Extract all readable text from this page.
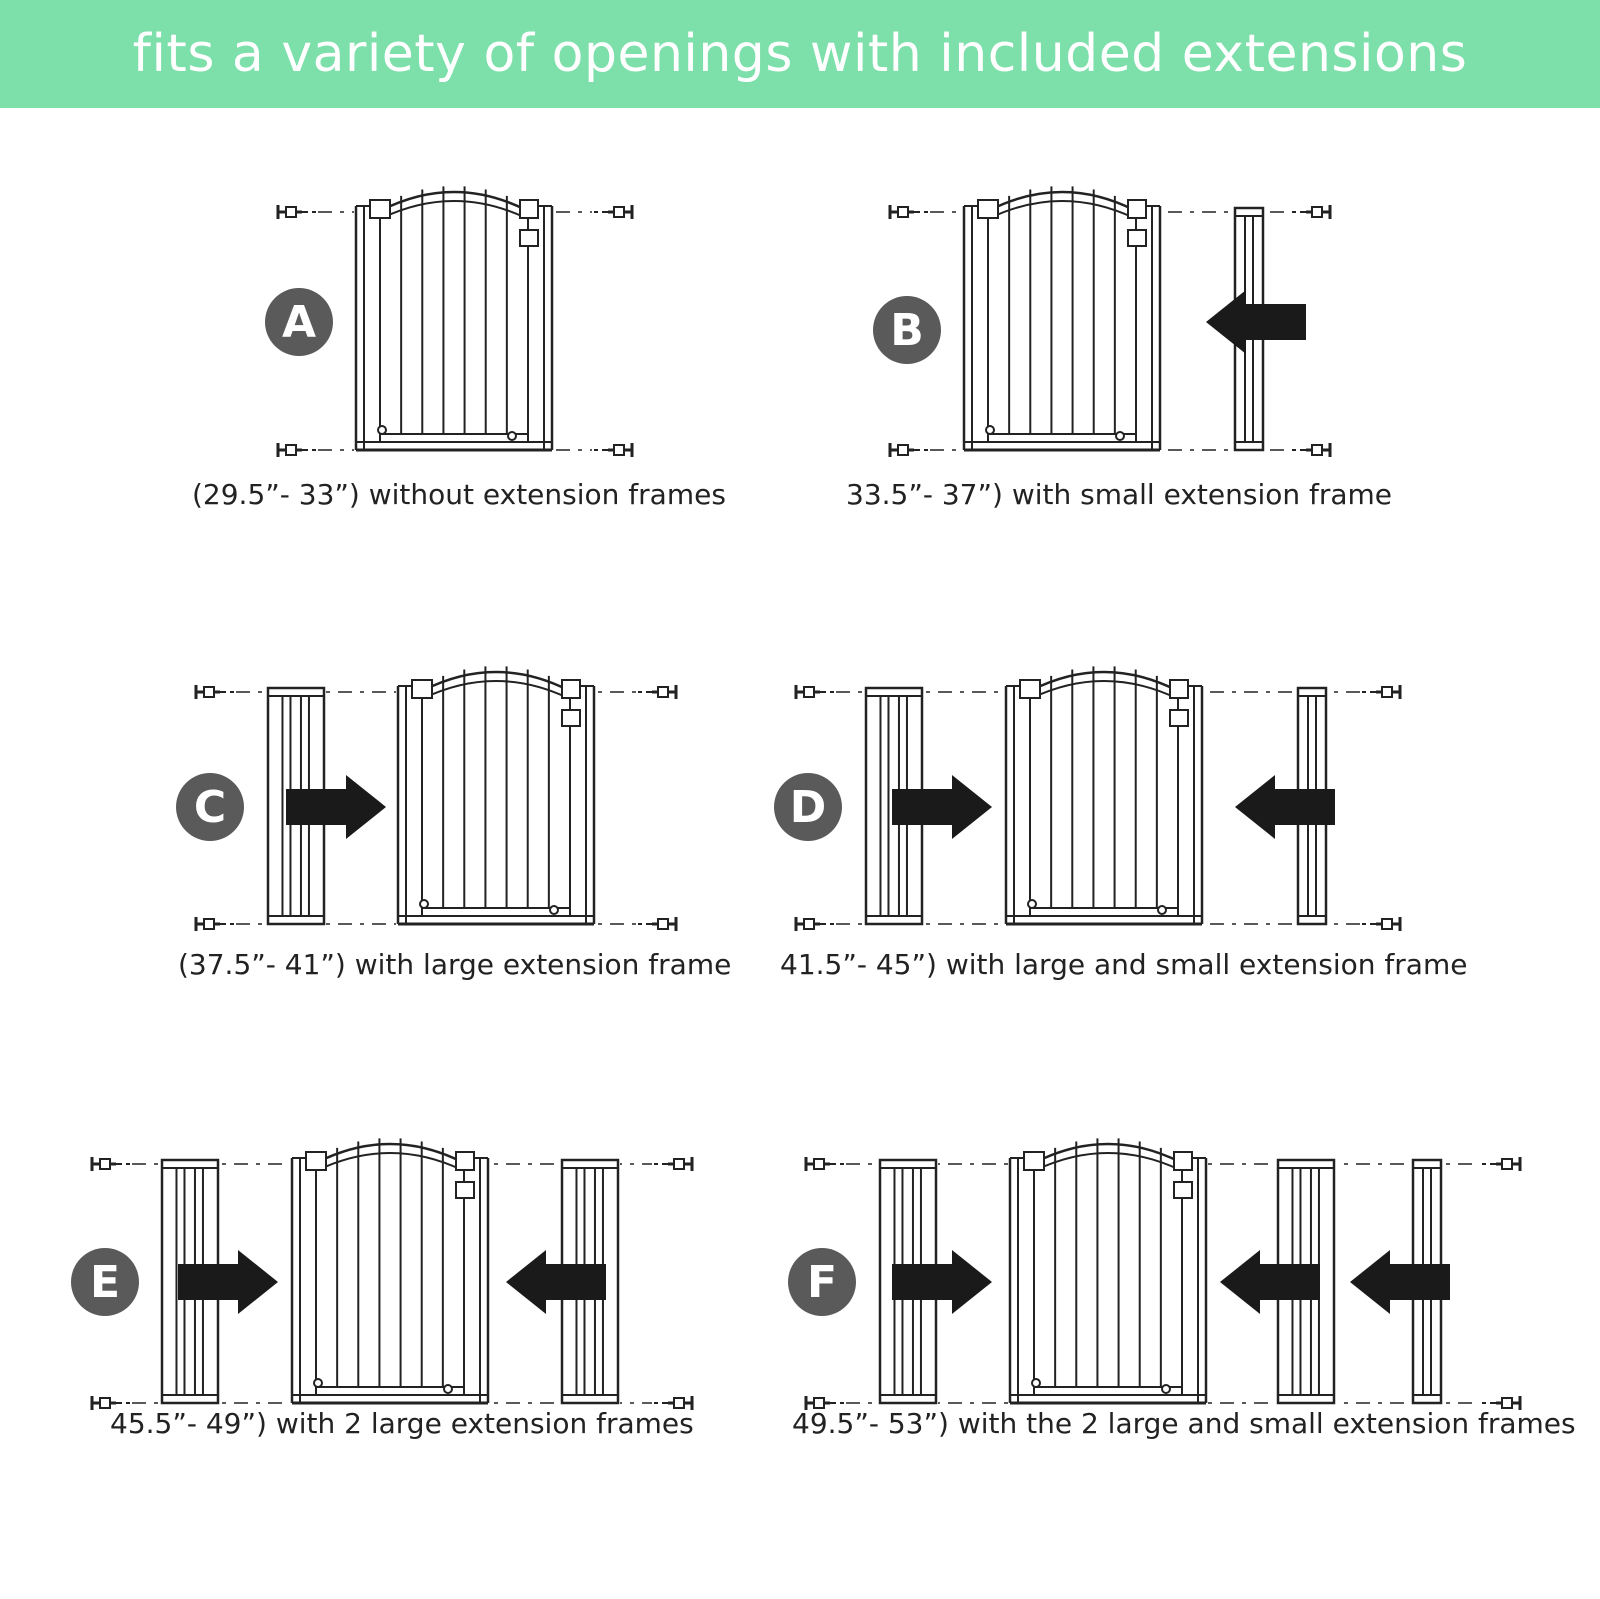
fits a variety of openings with included extensions
A	B
C	D
E	F
(29.5”- 33”) without extension frames	33.5”- 37”) with small extension frame
(37.5”- 41”) with large extension frame 41.5”- 45”) with large and small extension frame
45.5”- 49”) with 2 large extension frames	49.5”- 53”) with the 2 large and small extension frames
